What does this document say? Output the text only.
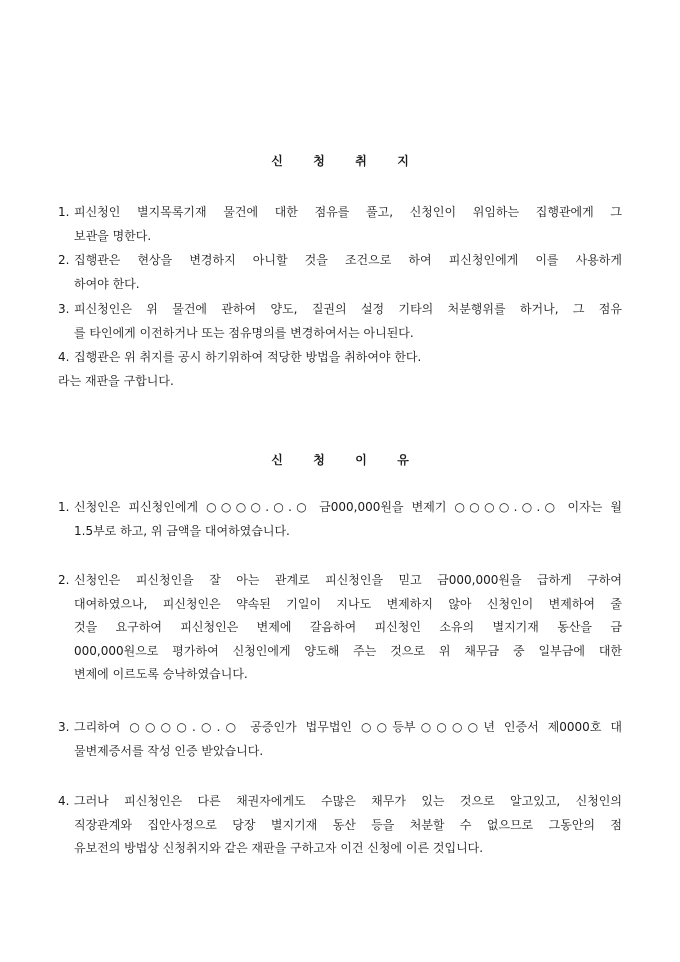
신	청	취	지
1. 피신청인 별지목록기재 물건에 대한 점유를 풀고, 신청인이 위임하는 집행관에게 그
보관을 명한다.
2. 집행관은 현상을 변경하지 아니할 것을 조건으로 하여 피신청인에게 이를 사용하게
하여야 한다.
3. 피신청인은 위 물건에 관하여 양도, 질권의 설정 기타의 처분행위를 하거나, 그 점유
를 타인에게 이전하거나 또는 점유명의를 변경하여서는 아니된다.
4. 집행관은 위 취지를 공시 하기위하여 적당한 방법을 취하여야 한다.
라는 재판을 구합니다.
신	청	이	유
1. 신청인은 피신청인에게 ○○○○.○.○ 금000,000원을 변제기 ○○○○.○.○ 이자는 월
1.5부로 하고, 위 금액을 대여하였습니다.
2. 신청인은 피신청인을 잘 아는 관계로 피신청인을 믿고 금000,000원을 급하게 구하여
대여하였으나, 피신청인은 약속된 기일이 지나도 변제하지 않아 신청인이 변제하여 줄
것을 요구하여 피신청인은 변제에 갈음하여 피신청인 소유의 별지기재 동산을 금
000,000원으로 평가하여 신청인에게 양도해 주는 것으로 위 채무금 중 일부금에 대한
변제에 이르도록 승낙하였습니다.
3. 그리하여 ○○○○.○.○ 공증인가 법무법인 ○○등부○○○○년 인증서 제0000호 대
물변제증서를 작성 인증 받았습니다.
4. 그러나 피신청인은 다른 채권자에게도 수많은 채무가 있는 것으로 알고있고, 신청인의
직장관계와 집안사정으로 당장 별지기재 동산 등을 처분할 수 없으므로 그동안의 점
유보전의 방법상 신청취지와 같은 재판을 구하고자 이건 신청에 이른 것입니다.
